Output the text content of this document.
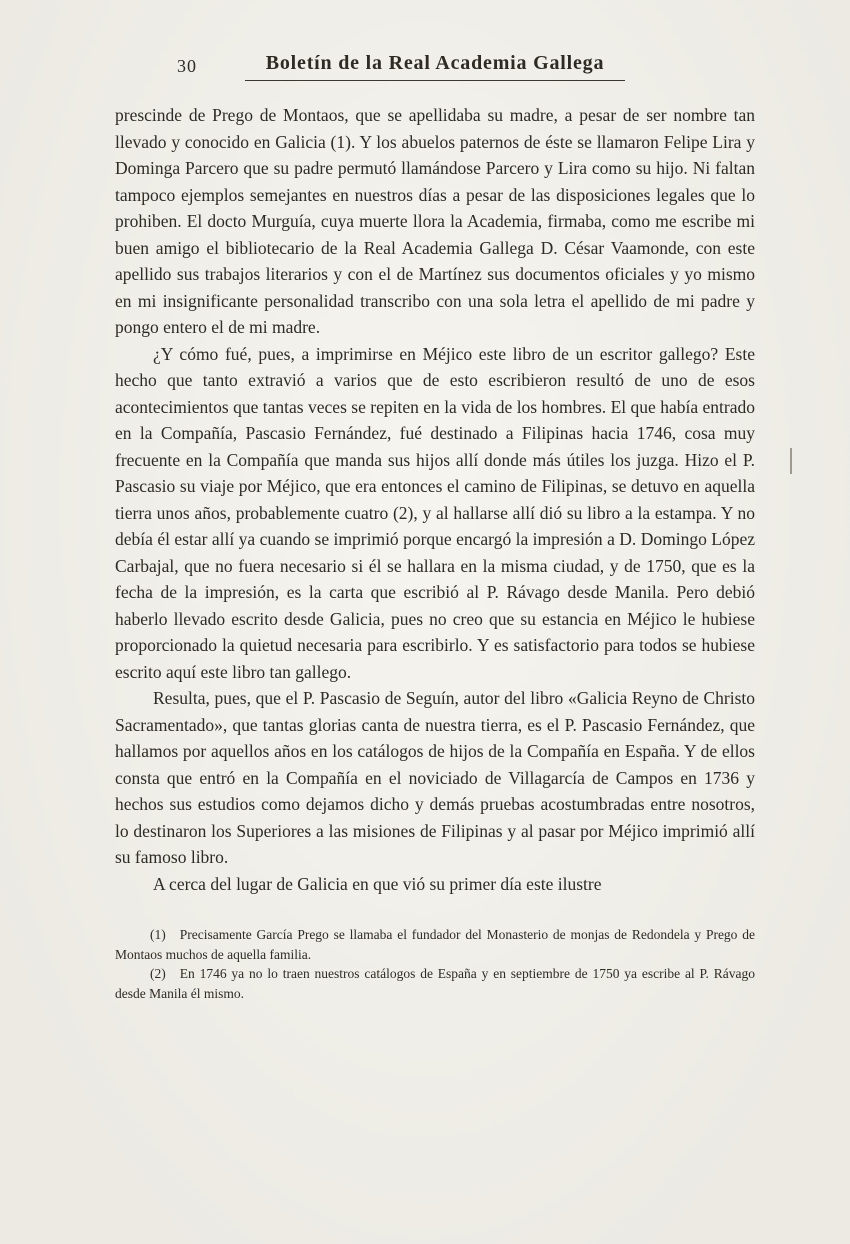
30	Boletín de la Real Academia Gallega

prescinde de Prego de Montaos, que se apellidaba su madre, a pesar de ser nombre tan llevado y conocido en Galicia (1). Y los abuelos paternos de éste se llamaron Felipe Lira y Dominga Parcero que su padre permutó llamándose Parcero y Lira como su hijo. Ni faltan tampoco ejemplos semejantes en nuestros días a pesar de las disposiciones legales que lo prohiben. El docto Murguía, cuya muerte llora la Academia, firmaba, como me escribe mi buen amigo el bibliotecario de la Real Academia Gallega D. César Vaamonde, con este apellido sus trabajos literarios y con el de Martínez sus documentos oficiales y yo mismo en mi insignificante personalidad transcribo con una sola letra el apellido de mi padre y pongo entero el de mi madre.

¿Y cómo fué, pues, a imprimirse en Méjico este libro de un escritor gallego? Este hecho que tanto extravió a varios que de esto escribieron resultó de uno de esos acontecimientos que tantas veces se repiten en la vida de los hombres. El que había entrado en la Compañía, Pascasio Fernández, fué destinado a Filipinas hacia 1746, cosa muy frecuente en la Compañía que manda sus hijos allí donde más útiles los juzga. Hizo el P. Pascasio su viaje por Méjico, que era entonces el camino de Filipinas, se detuvo en aquella tierra unos años, probablemente cuatro (2), y al hallarse allí dió su libro a la estampa. Y no debía él estar allí ya cuando se imprimió porque encargó la impresión a D. Domingo López Carbajal, que no fuera necesario si él se hallara en la misma ciudad, y de 1750, que es la fecha de la impresión, es la carta que escribió al P. Rávago desde Manila. Pero debió haberlo llevado escrito desde Galicia, pues no creo que su estancia en Méjico le hubiese proporcionado la quietud necesaria para escribirlo. Y es satisfactorio para todos se hubiese escrito aquí este libro tan gallego.

Resulta, pues, que el P. Pascasio de Seguín, autor del libro «Galicia Reyno de Christo Sacramentado», que tantas glorias canta de nuestra tierra, es el P. Pascasio Fernández, que hallamos por aquellos años en los catálogos de hijos de la Compañía en España. Y de ellos consta que entró en la Compañía en el noviciado de Villagarcía de Campos en 1736 y hechos sus estudios como dejamos dicho y demás pruebas acostumbradas entre nosotros, lo destinaron los Superiores a las misiones de Filipinas y al pasar por Méjico imprimió allí su famoso libro.

A cerca del lugar de Galicia en que vió su primer día este ilustre

(1) Precisamente García Prego se llamaba el fundador del Monasterio de monjas de Redondela y Prego de Montaos muchos de aquella familia.

(2) En 1746 ya no lo traen nuestros catálogos de España y en septiembre de 1750 ya escribe al P. Rávago desde Manila él mismo.
